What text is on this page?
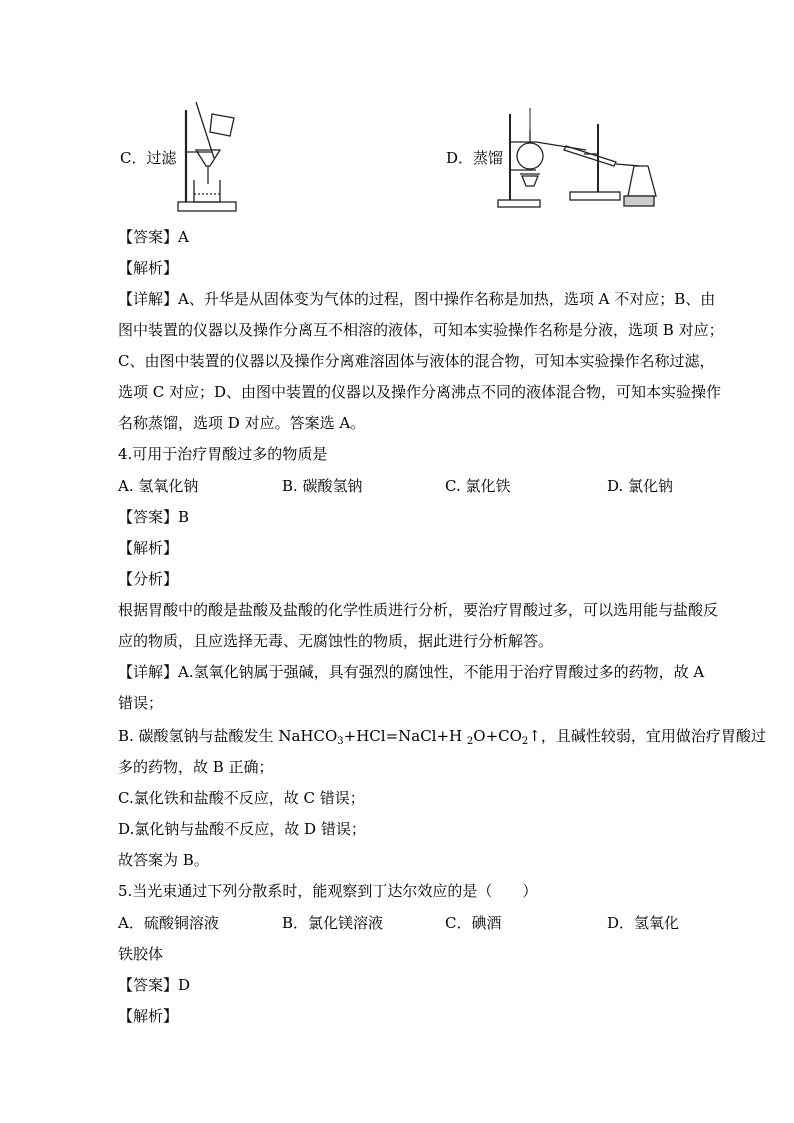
C．过滤	D．蒸馏
【答案】A
【解析】
【详解】A、升华是从固体变为气体的过程，图中操作名称是加热，选项 A 不对应；B、由
图中装置的仪器以及操作分离互不相溶的液体，可知本实验操作名称是分液，选项 B 对应；
C、由图中装置的仪器以及操作分离难溶固体与液体的混合物，可知本实验操作名称过滤，
选项 C 对应；D、由图中装置的仪器以及操作分离沸点不同的液体混合物，可知本实验操作
名称蒸馏，选项 D 对应。答案选 A。
4.可用于治疗胃酸过多的物质是
A. 氢氧化钠	B. 碳酸氢钠	C. 氯化铁	D. 氯化钠
【答案】B
【解析】
【分析】
根据胃酸中的酸是盐酸及盐酸的化学性质进行分析，要治疗胃酸过多，可以选用能与盐酸反
应的物质，且应选择无毒、无腐蚀性的物质，据此进行分析解答。
【详解】A.氢氧化钠属于强碱，具有强烈的腐蚀性，不能用于治疗胃酸过多的药物，故 A
错误；
B. 碳酸氢钠与盐酸发生 NaHCO$_3$+HCl=NaCl+H $_2O+CO_2↑$，且碱性较弱，宜用做治疗胃酸过
多的药物，故 B 正确；
C.氯化铁和盐酸不反应，故 C 错误；
D.氯化钠与盐酸不反应，故 D 错误；
故答案为 B。
5.当光束通过下列分散系时，能观察到丁达尔效应的是（　　）
A．硫酸铜溶液	B．氯化镁溶液	C．碘酒	D．氢氧化
铁胶体
【答案】D
【解析】
